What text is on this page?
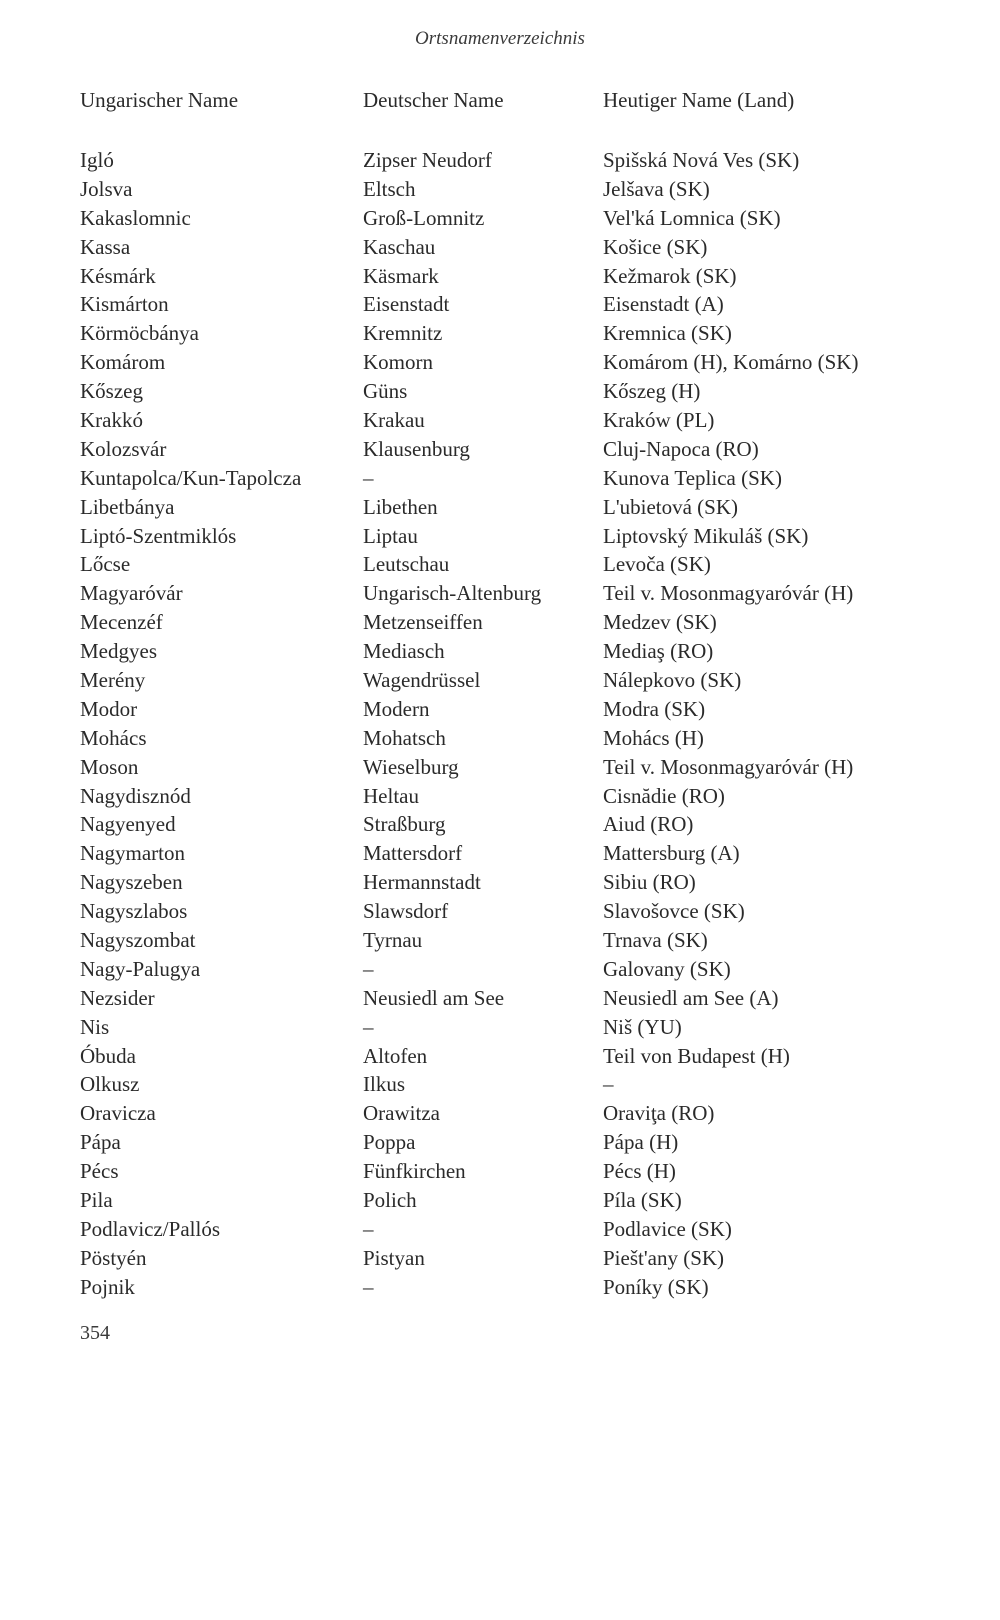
Ortsnamenverzeichnis
Ungarischer Name	Deutscher Name	Heutiger Name (Land)
Igló	Zipser Neudorf	Spišská Nová Ves (SK)
Jolsva	Eltsch	Jelšava (SK)
Kakaslomnic	Groß-Lomnitz	Vel'ká Lomnica (SK)
Kassa	Kaschau	Košice (SK)
Késmárk	Käsmark	Kežmarok (SK)
Kismárton	Eisenstadt	Eisenstadt (A)
Körmöcbánya	Kremnitz	Kremnica (SK)
Komárom	Komorn	Komárom (H), Komárno (SK)
Kőszeg	Güns	Kőszeg (H)
Krakkó	Krakau	Kraków (PL)
Kolozsvár	Klausenburg	Cluj-Napoca (RO)
Kuntapolca/Kun-Tapolcza	–	Kunova Teplica (SK)
Libetbánya	Libethen	L'ubietová (SK)
Liptó-Szentmiklós	Liptau	Liptovský Mikuláš (SK)
Lőcse	Leutschau	Levoča (SK)
Magyaróvár	Ungarisch-Altenburg	Teil v. Mosonmagyaróvár (H)
Mecenzéf	Metzenseiffen	Medzev (SK)
Medgyes	Mediasch	Mediaş (RO)
Merény	Wagendrüssel	Nálepkovo (SK)
Modor	Modern	Modra (SK)
Mohács	Mohatsch	Mohács (H)
Moson	Wieselburg	Teil v. Mosonmagyaróvár (H)
Nagydisznód	Heltau	Cisnădie (RO)
Nagyenyed	Straßburg	Aiud (RO)
Nagymarton	Mattersdorf	Mattersburg (A)
Nagyszeben	Hermannstadt	Sibiu (RO)
Nagyszlabos	Slawsdorf	Slavošovce (SK)
Nagyszombat	Tyrnau	Trnava (SK)
Nagy-Palugya	–	Galovany (SK)
Nezsider	Neusiedl am See	Neusiedl am See (A)
Nis	–	Niš (YU)
Óbuda	Altofen	Teil von Budapest (H)
Olkusz	Ilkus	–
Oravicza	Orawitza	Oraviţa (RO)
Pápa	Poppa	Pápa (H)
Pécs	Fünfkirchen	Pécs (H)
Pila	Polich	Píla (SK)
Podlavicz/Pallós	–	Podlavice (SK)
Pöstyén	Pistyan	Piešt'any (SK)
Pojnik	–	Poníky (SK)
354
